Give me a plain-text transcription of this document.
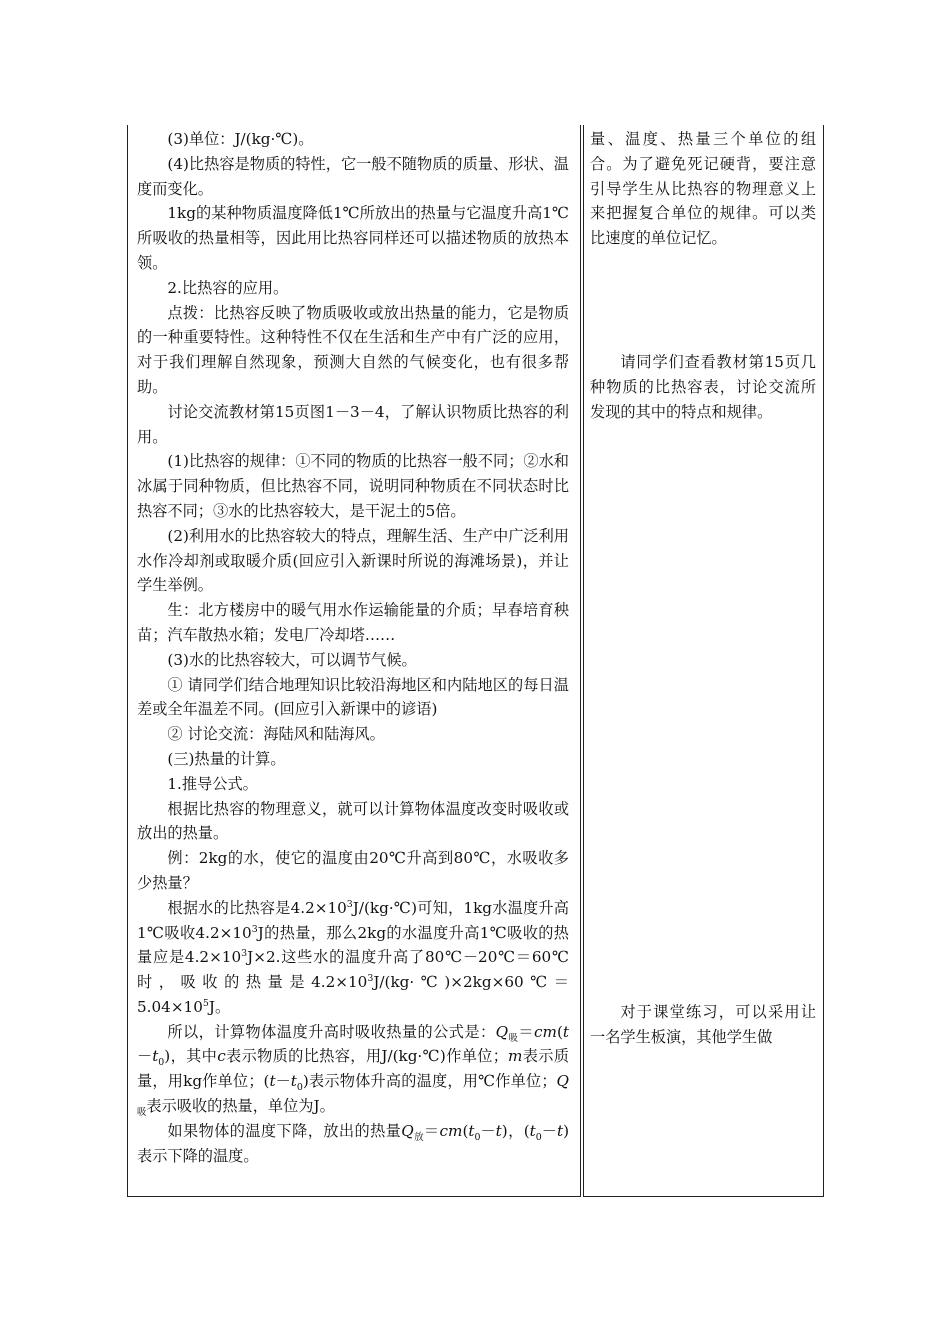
(3)单位：J/(kg·℃)。

(4)比热容是物质的特性，它一般不随物质的质量、形状、温度而变化。

1kg的某种物质温度降低1℃所放出的热量与它温度升高1℃所吸收的热量相等，因此用比热容同样还可以描述物质的放热本领。

2.比热容的应用。

点拨：比热容反映了物质吸收或放出热量的能力，它是物质的一种重要特性。这种特性不仅在生活和生产中有广泛的应用，对于我们理解自然现象，预测大自然的气候变化，也有很多帮助。

讨论交流教材第15页图1－3－4，了解认识物质比热容的利用。

(1)比热容的规律：①不同的物质的比热容一般不同；②水和冰属于同种物质，但比热容不同，说明同种物质在不同状态时比热容不同；③水的比热容较大，是干泥土的5倍。

(2)利用水的比热容较大的特点，理解生活、生产中广泛利用水作冷却剂或取暖介质(回应引入新课时所说的海滩场景)，并让学生举例。

生：北方楼房中的暖气用水作运输能量的介质；早春培育秧苗；汽车散热水箱；发电厂冷却塔……

(3)水的比热容较大，可以调节气候。

① 请同学们结合地理知识比较沿海地区和内陆地区的每日温差或全年温差不同。(回应引入新课中的谚语)

② 讨论交流：海陆风和陆海风。

(三)热量的计算。

1.推导公式。

根据比热容的物理意义，就可以计算物体温度改变时吸收或放出的热量。

例：2kg的水，使它的温度由20℃升高到80℃，水吸收多少热量？

根据水的比热容是$4.2\times 10^3J/(kg\cdot℃)$可知，1kg水温度升高1℃吸收$4.2\times 10^3J$的热量，那么2kg的水温度升高1℃吸收的热量应是$4.2\times 10^3J\times 2$.这些水的温度升高了80℃－20℃＝60℃时，吸收的热量是$4.2\times 10^3J/(kg\cdot℃)\times 2kg\times 60℃=5.04\times 10^5J$。

所以，计算物体温度升高时吸收热量的公式是：$Q_吸=cm(t-t_0)$，其中c表示物质的比热容，用J/(kg·℃)作单位；m表示质量，用kg作单位；$(t-t_0)$表示物体升高的温度，用℃作单位；$Q_吸$表示吸收的热量，单位为J。

如果物体的温度下降，放出的热量$Q_放=cm(t_0-t)$，$(t_0-t)$表示下降的温度。

量、温度、热量三个单位的组合。为了避免死记硬背，要注意引导学生从比热容的物理意义上来把握复合单位的规律。可以类比速度的单位记忆。

请同学们查看教材第15页几种物质的比热容表，讨论交流所发现的其中的特点和规律。

对于课堂练习，可以采用让一名学生板演，其他学生做
